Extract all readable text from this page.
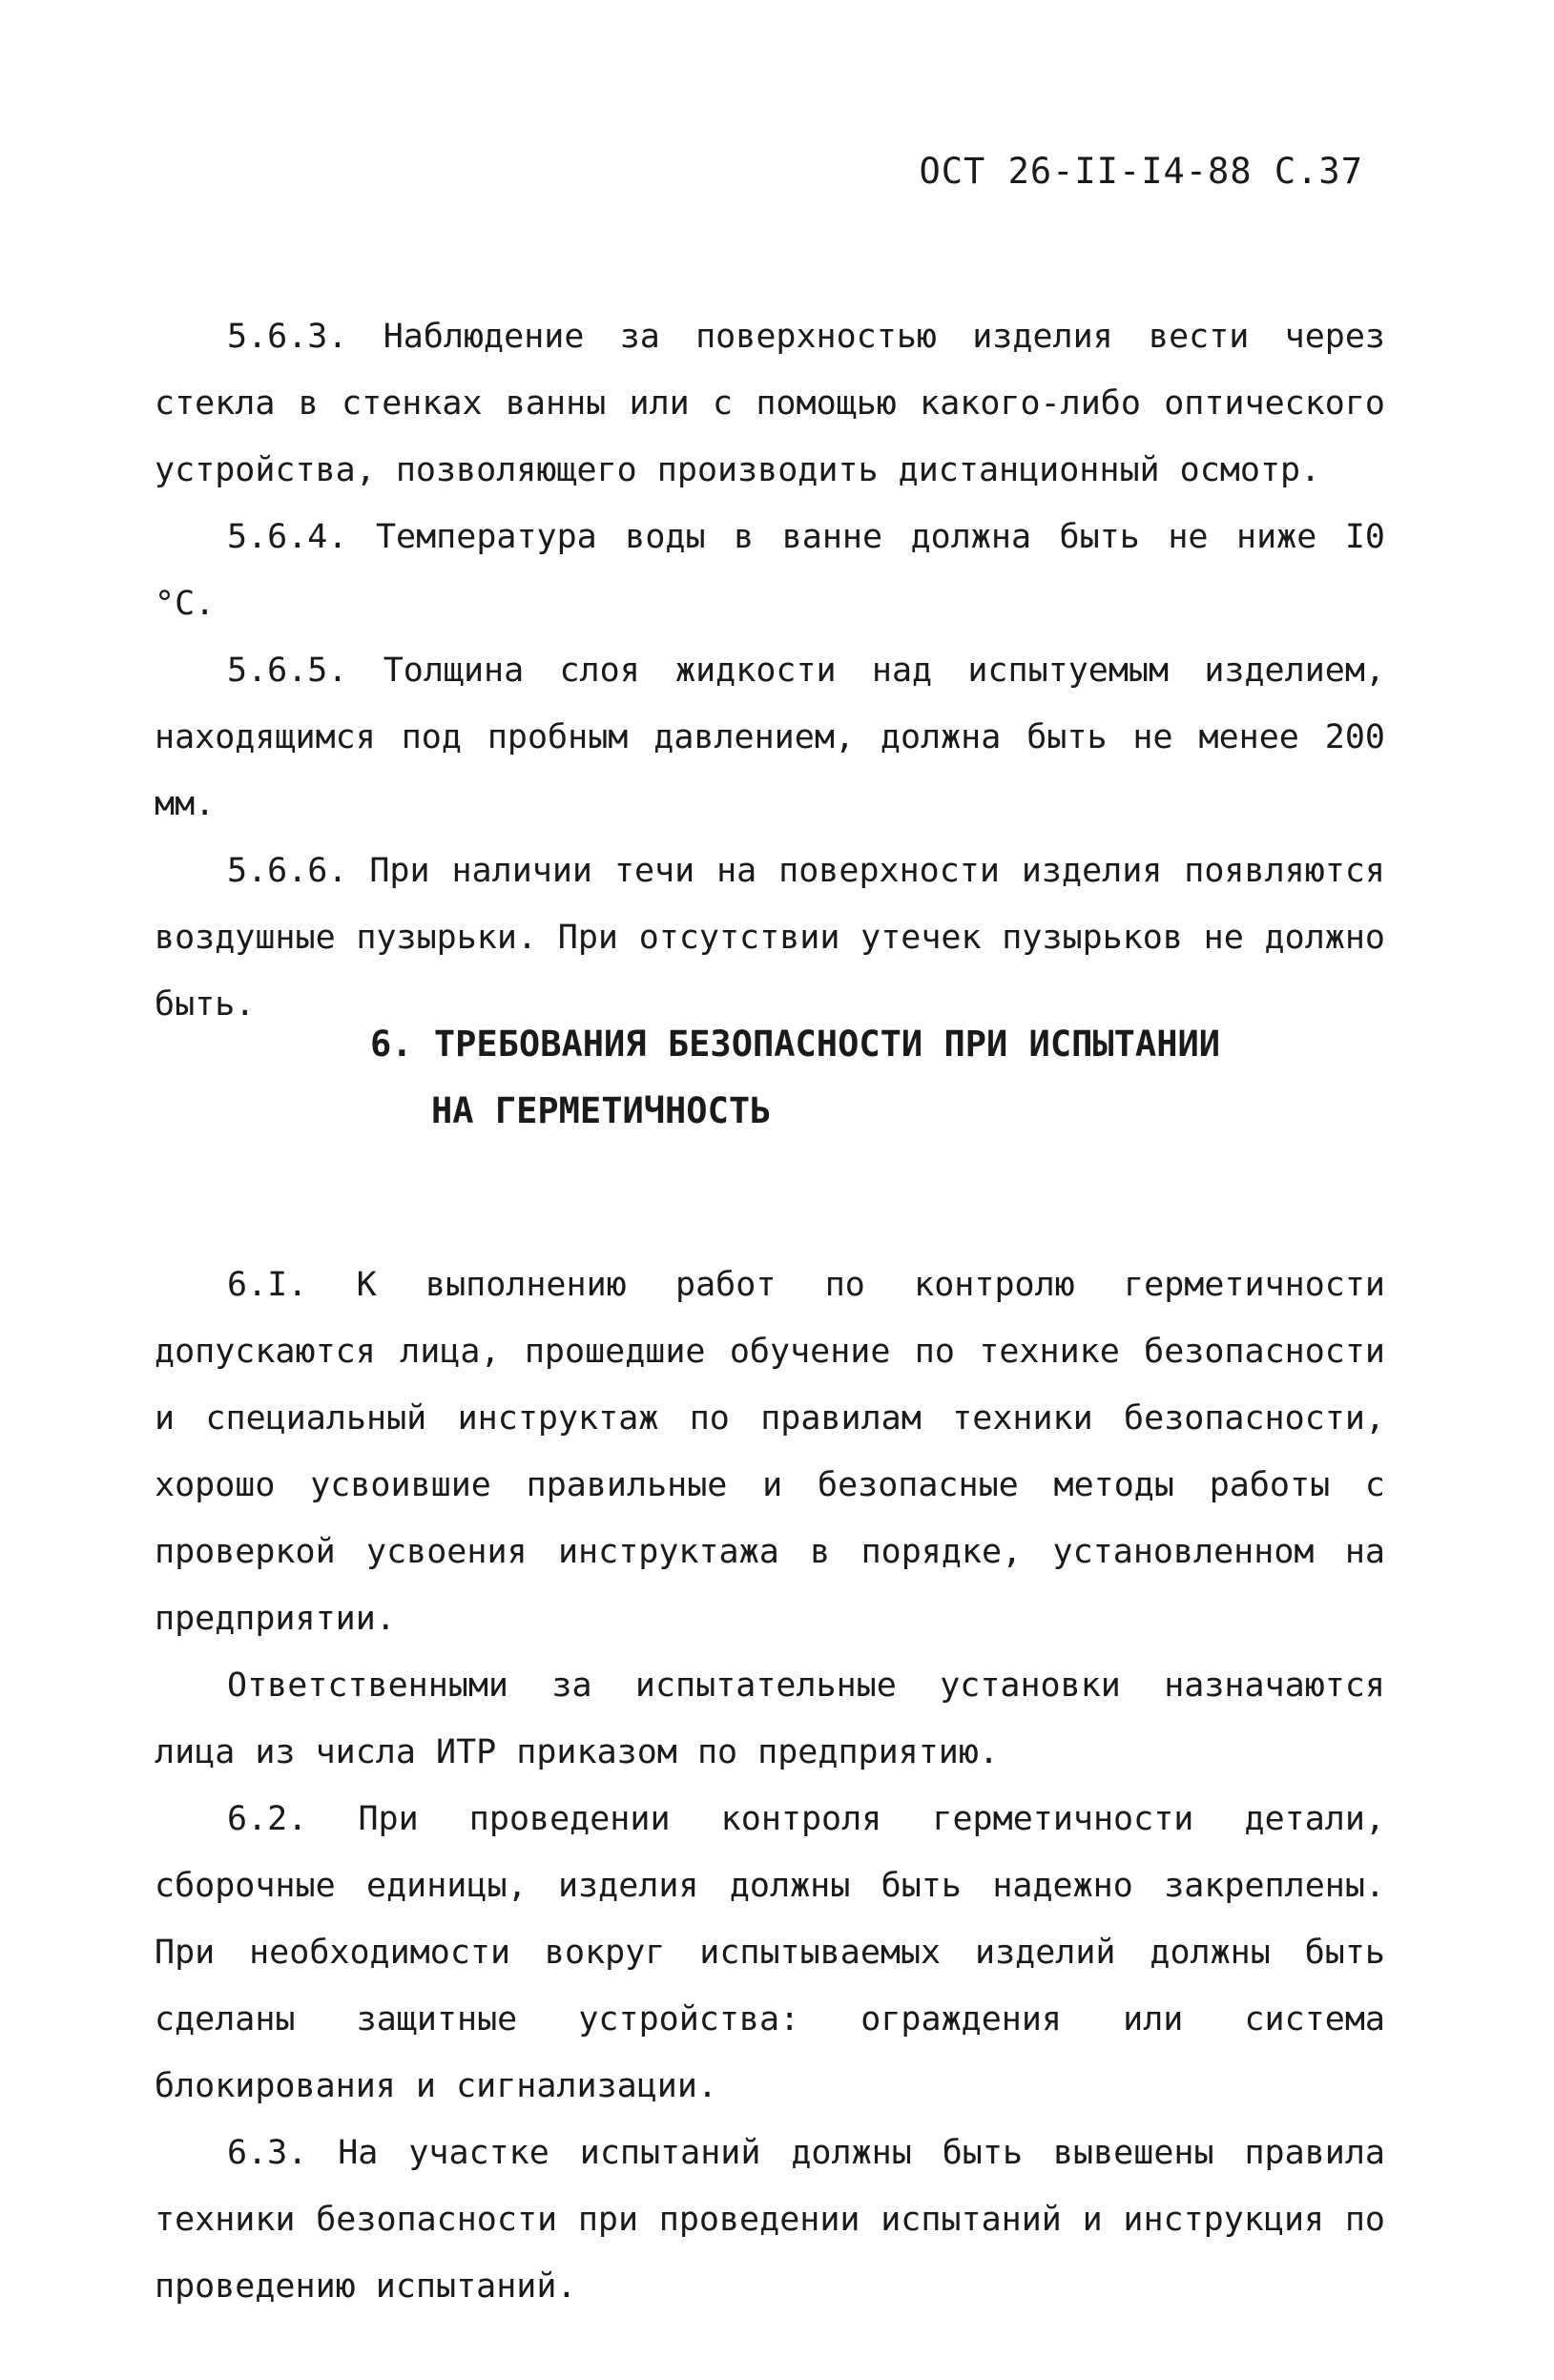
ОСТ 26-II-I4-88 С.37

5.6.3. Наблюдение за поверхностью изделия вести через стекла в стенках ванны или с помощью какого-либо оптического устройства, позволяющего производить дистанционный осмотр.

5.6.4. Температура воды в ванне должна быть не ниже I0 °С.

5.6.5. Толщина слоя жидкости над испытуемым изделием, находящимся под пробным давлением, должна быть не менее 200 мм.

5.6.6. При наличии течи на поверхности изделия появляются воздушные пузырьки. При отсутствии утечек пузырьков не должно быть.

6. ТРЕБОВАНИЯ БЕЗОПАСНОСТИ ПРИ ИСПЫТАНИИ
НА ГЕРМЕТИЧНОСТЬ

6.I. К выполнению работ по контролю герметичности допускаются лица, прошедшие обучение по технике безопасности и специальный инструктаж по правилам техники безопасности, хорошо усвоившие правильные и безопасные методы работы с проверкой усвоения инструктажа в порядке, установленном на предприятии.

Ответственными за испытательные установки назначаются лица из числа ИТР приказом по предприятию.

6.2. При проведении контроля герметичности детали, сборочные единицы, изделия должны быть надежно закреплены. При необходимости вокруг испытываемых изделий должны быть сделаны защитные устройства: ограждения или система блокирования и сигнализации.

6.3. На участке испытаний должны быть вывешены правила техники безопасности при проведении испытаний и инструкция по проведению испытаний.
